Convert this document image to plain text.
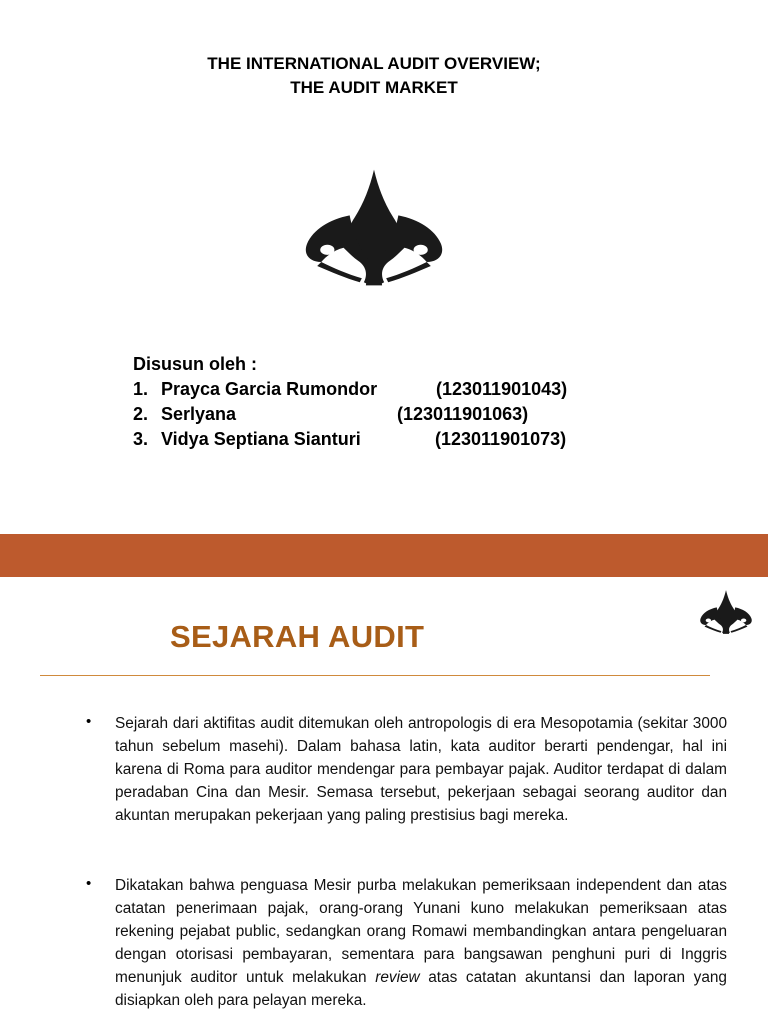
THE INTERNATIONAL AUDIT OVERVIEW;
THE AUDIT MARKET
Disusun oleh :
1. Prayca Garcia Rumondor	(123011901043)
2. Serlyana	(123011901063)
3. Vidya Septiana Sianturi	(123011901073)
SEJARAH AUDIT
• Sejarah dari aktifitas audit ditemukan oleh antropologis di era Mesopotamia (sekitar 3000 tahun sebelum masehi). Dalam bahasa latin, kata auditor berarti pendengar, hal ini karena di Roma para auditor mendengar para pembayar pajak. Auditor terdapat di dalam peradaban Cina dan Mesir. Semasa tersebut, pekerjaan sebagai seorang auditor dan akuntan merupakan pekerjaan yang paling prestisius bagi mereka.
• Dikatakan bahwa penguasa Mesir purba melakukan pemeriksaan independent dan atas catatan penerimaan pajak, orang-orang Yunani kuno melakukan pemeriksaan atas rekening pejabat public, sedangkan orang Romawi membandingkan antara pengeluaran dengan otorisasi pembayaran, sementara para bangsawan penghuni puri di Inggris menunjuk auditor untuk melakukan review atas catatan akuntansi dan laporan yang disiapkan oleh para pelayan mereka.
